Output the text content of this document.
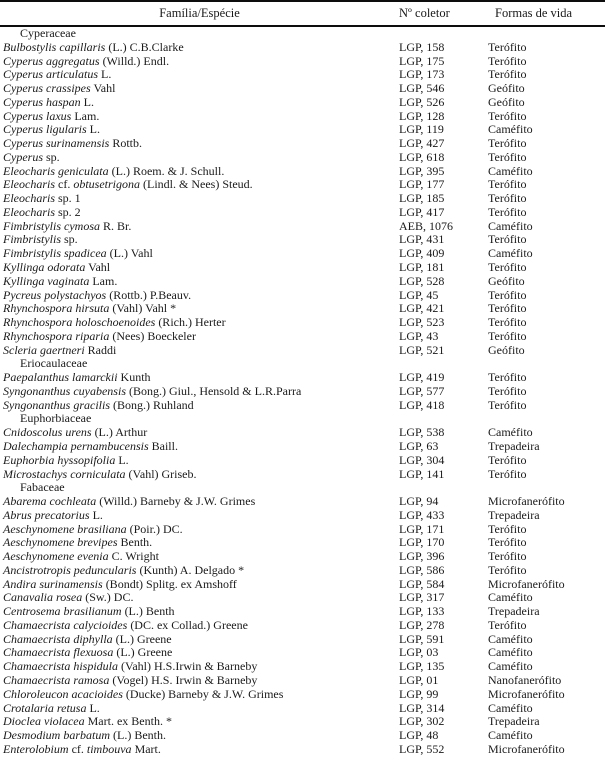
Família/Espécie	Nº coletor	Formas de vida
Cyperaceae
Bulbostylis capillaris (L.) C.B.Clarke	LGP, 158	Terófito
Cyperus aggregatus (Willd.) Endl.	LGP, 175	Terófito
Cyperus articulatus L.	LGP, 173	Terófito
Cyperus crassipes Vahl	LGP, 546	Geófito
Cyperus haspan L.	LGP, 526	Geófito
Cyperus laxus Lam.	LGP, 128	Terófito
Cyperus ligularis L.	LGP, 119	Caméfito
Cyperus surinamensis Rottb.	LGP, 427	Terófito
Cyperus sp.	LGP, 618	Terófito
Eleocharis geniculata (L.) Roem. & J. Schull.	LGP, 395	Caméfito
Eleocharis cf. obtusetrigona (Lindl. & Nees) Steud.	LGP, 177	Terófito
Eleocharis sp. 1	LGP, 185	Terófito
Eleocharis sp. 2	LGP, 417	Terófito
Fimbristylis cymosa R. Br.	AEB, 1076	Caméfito
Fimbristylis sp.	LGP, 431	Terófito
Fimbristylis spadicea (L.) Vahl	LGP, 409	Caméfito
Kyllinga odorata Vahl	LGP, 181	Terófito
Kyllinga vaginata Lam.	LGP, 528	Geófito
Pycreus polystachyos (Rottb.) P.Beauv.	LGP, 45	Terófito
Rhynchospora hirsuta (Vahl) Vahl *	LGP, 421	Terófito
Rhynchospora holoschoenoides (Rich.) Herter	LGP, 523	Terófito
Rhynchospora riparia (Nees) Boeckeler	LGP, 43	Terófito
Scleria gaertneri Raddi	LGP, 521	Geófito
Eriocaulaceae
Paepalanthus lamarckii Kunth	LGP, 419	Terófito
Syngonanthus cuyabensis (Bong.) Giul., Hensold & L.R.Parra	LGP, 577	Terófito
Syngonanthus gracilis (Bong.) Ruhland	LGP, 418	Terófito
Euphorbiaceae
Cnidoscolus urens (L.) Arthur	LGP, 538	Caméfito
Dalechampia pernambucensis Baill.	LGP, 63	Trepadeira
Euphorbia hyssopifolia L.	LGP, 304	Terófito
Microstachys corniculata (Vahl) Griseb.	LGP, 141	Terófito
Fabaceae
Abarema cochleata (Willd.) Barneby & J.W. Grimes	LGP, 94	Microfanerófito
Abrus precatorius L.	LGP, 433	Trepadeira
Aeschynomene brasiliana (Poir.) DC.	LGP, 171	Terófito
Aeschynomene brevipes Benth.	LGP, 170	Terófito
Aeschynomene evenia C. Wright	LGP, 396	Terófito
Ancistrotropis peduncularis (Kunth) A. Delgado *	LGP, 586	Terófito
Andira surinamensis (Bondt) Splitg. ex Amshoff	LGP, 584	Microfanerófito
Canavalia rosea (Sw.) DC.	LGP, 317	Caméfito
Centrosema brasilianum (L.) Benth	LGP, 133	Trepadeira
Chamaecrista calycioides (DC. ex Collad.) Greene	LGP, 278	Terófito
Chamaecrista diphylla (L.) Greene	LGP, 591	Caméfito
Chamaecrista flexuosa (L.) Greene	LGP, 03	Caméfito
Chamaecrista hispidula (Vahl) H.S.Irwin & Barneby	LGP, 135	Caméfito
Chamaecrista ramosa (Vogel) H.S. Irwin & Barneby	LGP, 01	Nanofanerófito
Chloroleucon acacioides (Ducke) Barneby & J.W. Grimes	LGP, 99	Microfanerófito
Crotalaria retusa L.	LGP, 314	Caméfito
Dioclea violacea Mart. ex Benth. *	LGP, 302	Trepadeira
Desmodium barbatum (L.) Benth.	LGP, 48	Caméfito
Enterolobium cf. timbouva Mart.	LGP, 552	Microfanerófito
